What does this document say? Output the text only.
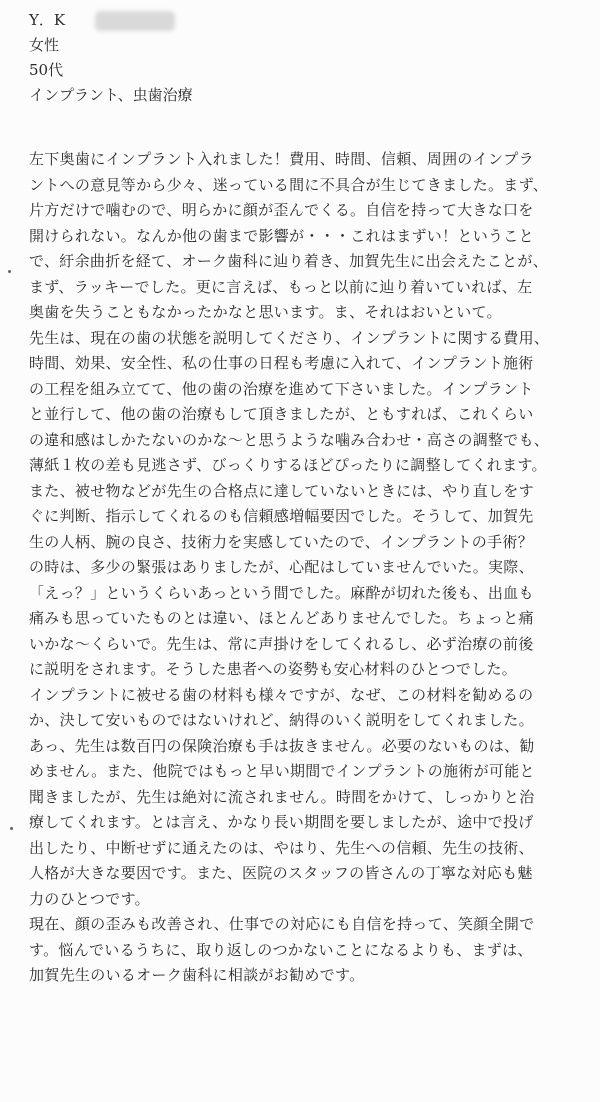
Y．K
女性
50代
インプラント、虫歯治療
左下奥歯にインプラント入れました！費用、時間、信頼、周囲のインプラ
ントへの意見等から少々、迷っている間に不具合が生じてきました。まず、
片方だけで噛むので、明らかに顔が歪んでくる。自信を持って大きな口を
開けられない。なんか他の歯まで影響が・・・これはまずい！ということ
で、紆余曲折を経て、オーク歯科に辿り着き、加賀先生に出会えたことが、
まず、ラッキーでした。更に言えば、もっと以前に辿り着いていれば、左
奥歯を失うこともなかったかなと思います。ま、それはおいといて。
先生は、現在の歯の状態を説明してくださり、インプラントに関する費用、
時間、効果、安全性、私の仕事の日程も考慮に入れて、インプラント施術
の工程を組み立てて、他の歯の治療を進めて下さいました。インプラント
と並行して、他の歯の治療もして頂きましたが、ともすれば、これくらい
の違和感はしかたないのかな〜と思うような噛み合わせ・高さの調整でも、
薄紙１枚の差も見逃さず、びっくりするほどぴったりに調整してくれます。
また、被せ物などが先生の合格点に達していないときには、やり直しをす
ぐに判断、指示してくれるのも信頼感増幅要因でした。そうして、加賀先
生の人柄、腕の良さ、技術力を実感していたので、インプラントの手術？
の時は、多少の緊張はありましたが、心配はしていませんでいた。実際、
「えっ？」というくらいあっという間でした。麻酔が切れた後も、出血も
痛みも思っていたものとは違い、ほとんどありませんでした。ちょっと痛
いかな〜くらいで。先生は、常に声掛けをしてくれるし、必ず治療の前後
に説明をされます。そうした患者への姿勢も安心材料のひとつでした。
インプラントに被せる歯の材料も様々ですが、なぜ、この材料を勧めるの
か、決して安いものではないけれど、納得のいく説明をしてくれました。
あっ、先生は数百円の保険治療も手は抜きません。必要のないものは、勧
めません。また、他院ではもっと早い期間でインプラントの施術が可能と
聞きましたが、先生は絶対に流されません。時間をかけて、しっかりと治
療してくれます。とは言え、かなり長い期間を要しましたが、途中で投げ
出したり、中断せずに通えたのは、やはり、先生への信頼、先生の技術、
人格が大きな要因です。また、医院のスタッフの皆さんの丁寧な対応も魅
力のひとつです。
現在、顔の歪みも改善され、仕事での対応にも自信を持って、笑顔全開で
す。悩んでいるうちに、取り返しのつかないことになるよりも、まずは、
加賀先生のいるオーク歯科に相談がお勧めです。
